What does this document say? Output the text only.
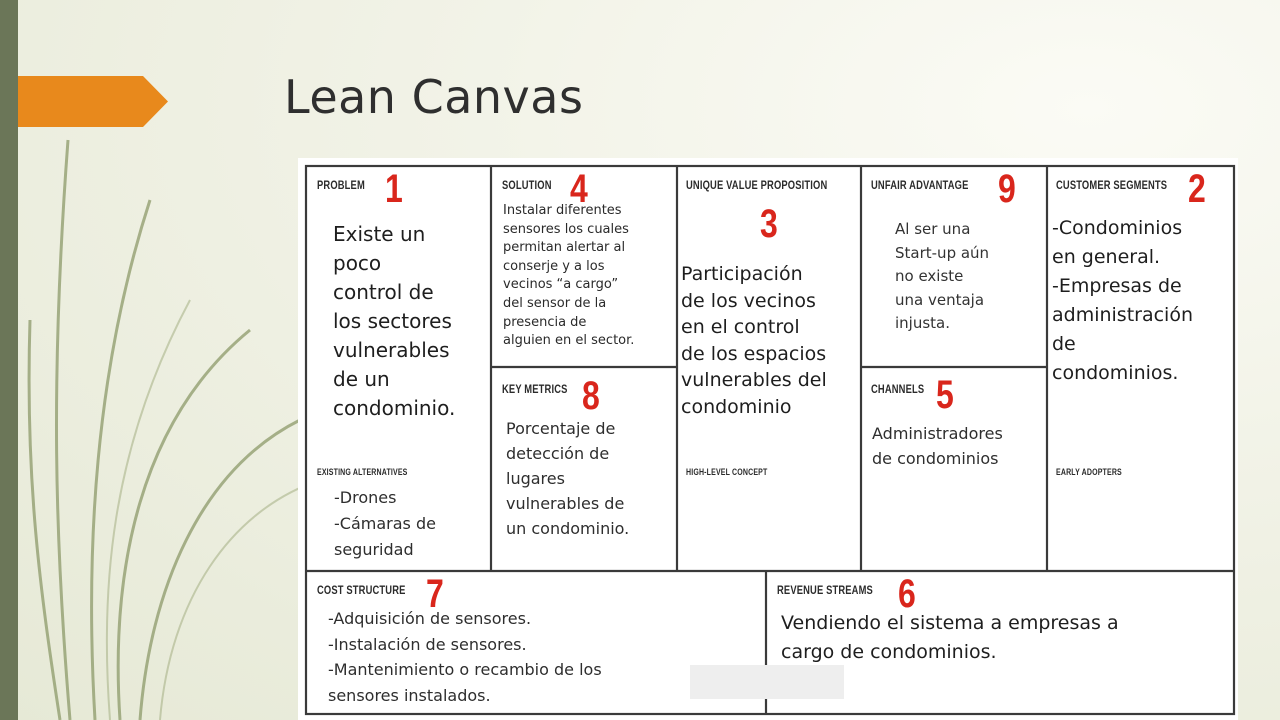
Lean Canvas
PROBLEM 1
Existe un
poco
control de
los sectores
vulnerables
de un
condominio.
EXISTING ALTERNATIVES
-Drones
-Cámaras de
seguridad
SOLUTION 4
Instalar diferentes
sensores los cuales
permitan alertar al
conserje y a los
vecinos “a cargo”
del sensor de la
presencia de
alguien en el sector.
KEY METRICS 8
Porcentaje de
detección de
lugares
vulnerables de
un condominio.
UNIQUE VALUE PROPOSITION
3
Participación
de los vecinos
en el control
de los espacios
vulnerables del
condominio
HIGH-LEVEL CONCEPT
UNFAIR ADVANTAGE 9
Al ser una
Start-up aún
no existe
una ventaja
injusta.
CHANNELS 5
Administradores
de condominios
CUSTOMER SEGMENTS 2
-Condominios
en general.
-Empresas de
administración
de
condominios.
EARLY ADOPTERS
COST STRUCTURE 7
-Adquisición de sensores.
-Instalación de sensores.
-Mantenimiento o recambio de los
sensores instalados.
REVENUE STREAMS 6
Vendiendo el sistema a empresas a
cargo de condominios.
